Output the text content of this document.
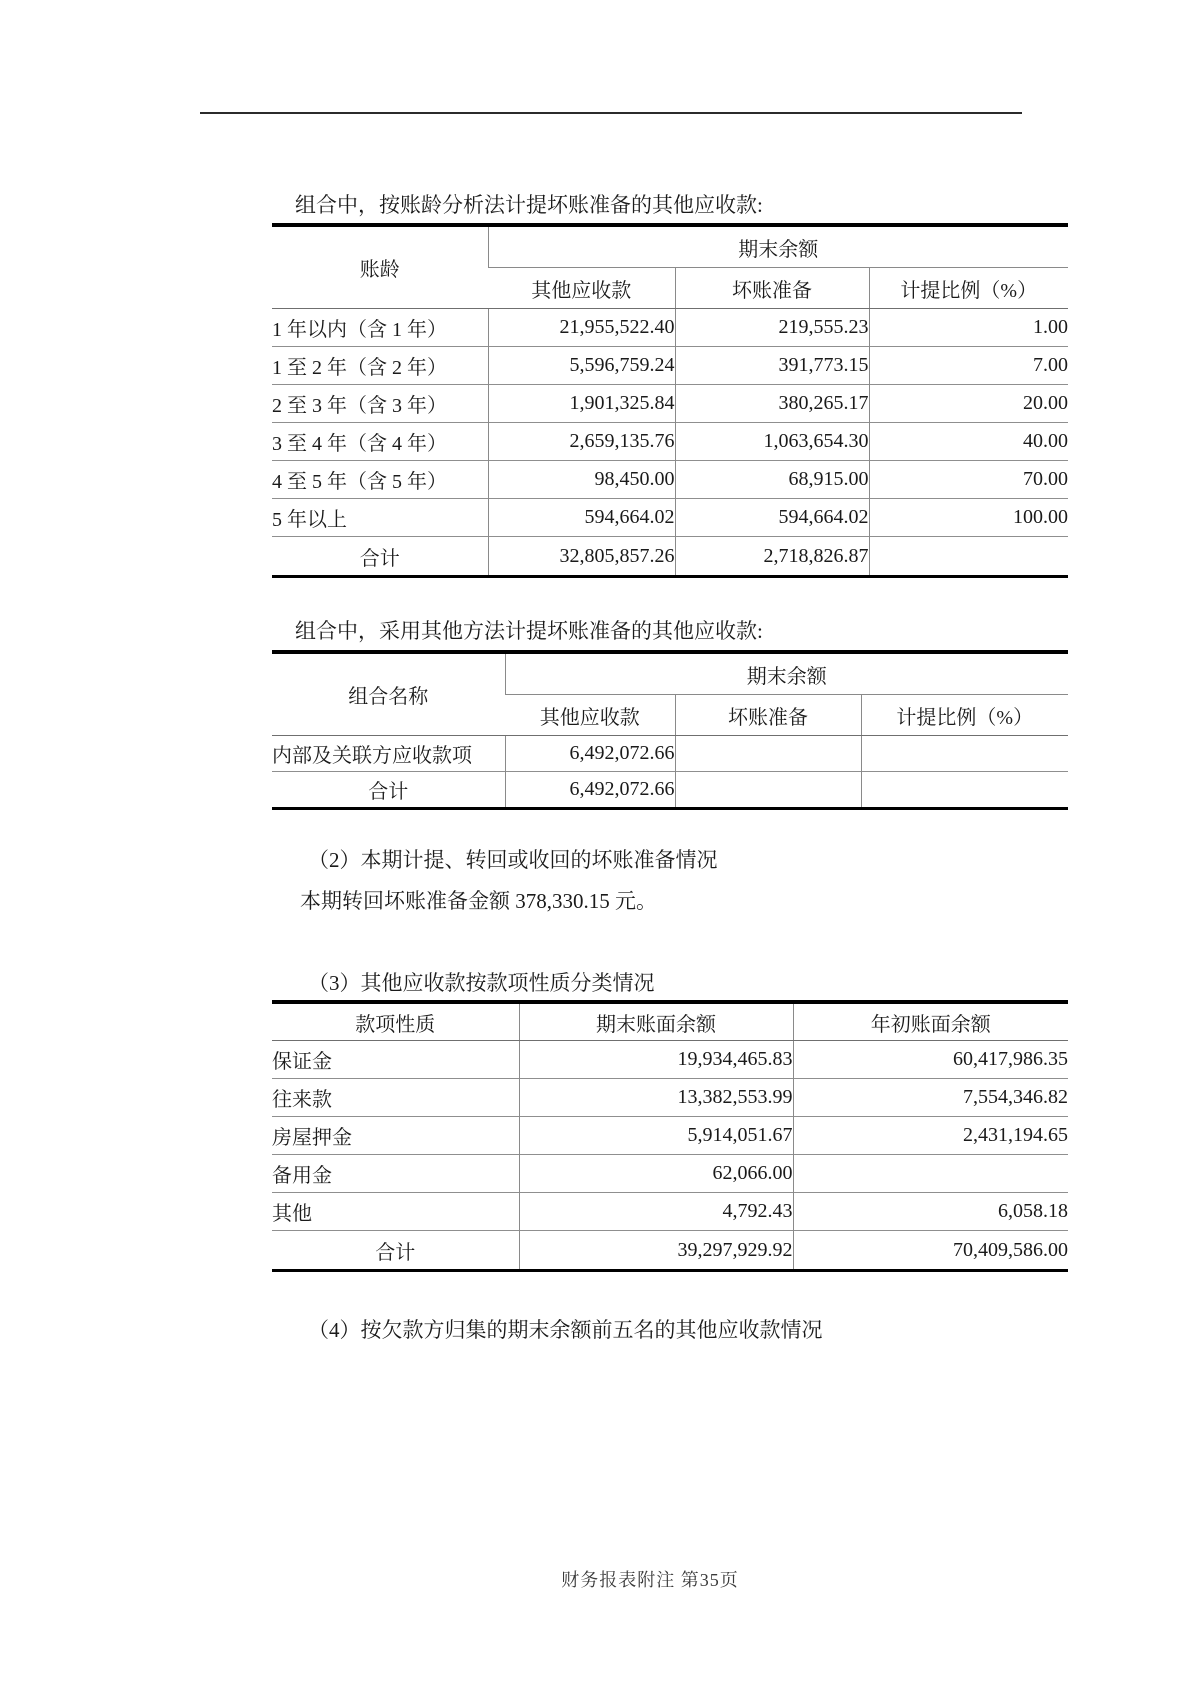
组合中，按账龄分析法计提坏账准备的其他应收款:
账龄	期末余额		
	其他应收款	坏账准备	计提比例（%）
1 年以内（含 1 年）	21,955,522.40	219,555.23	1.00
1 至 2 年（含 2 年）	5,596,759.24	391,773.15	7.00
2 至 3 年（含 3 年）	1,901,325.84	380,265.17	20.00
3 至 4 年（含 4 年）	2,659,135.76	1,063,654.30	40.00
4 至 5 年（含 5 年）	98,450.00	68,915.00	70.00
5 年以上	594,664.02	594,664.02	100.00
合计	32,805,857.26	2,718,826.87	
组合中，采用其他方法计提坏账准备的其他应收款:
组合名称	期末余额		
	其他应收款	坏账准备	计提比例（%）
内部及关联方应收款项	6,492,072.66		
合计	6,492,072.66		
（2）本期计提、转回或收回的坏账准备情况
本期转回坏账准备金额 378,330.15 元。
（3）其他应收款按款项性质分类情况
款项性质	期末账面余额	年初账面余额
保证金	19,934,465.83	60,417,986.35
往来款	13,382,553.99	7,554,346.82
房屋押金	5,914,051.67	2,431,194.65
备用金	62,066.00	
其他	4,792.43	6,058.18
合计	39,297,929.92	70,409,586.00
（4）按欠款方归集的期末余额前五名的其他应收款情况
财务报表附注 第35页
